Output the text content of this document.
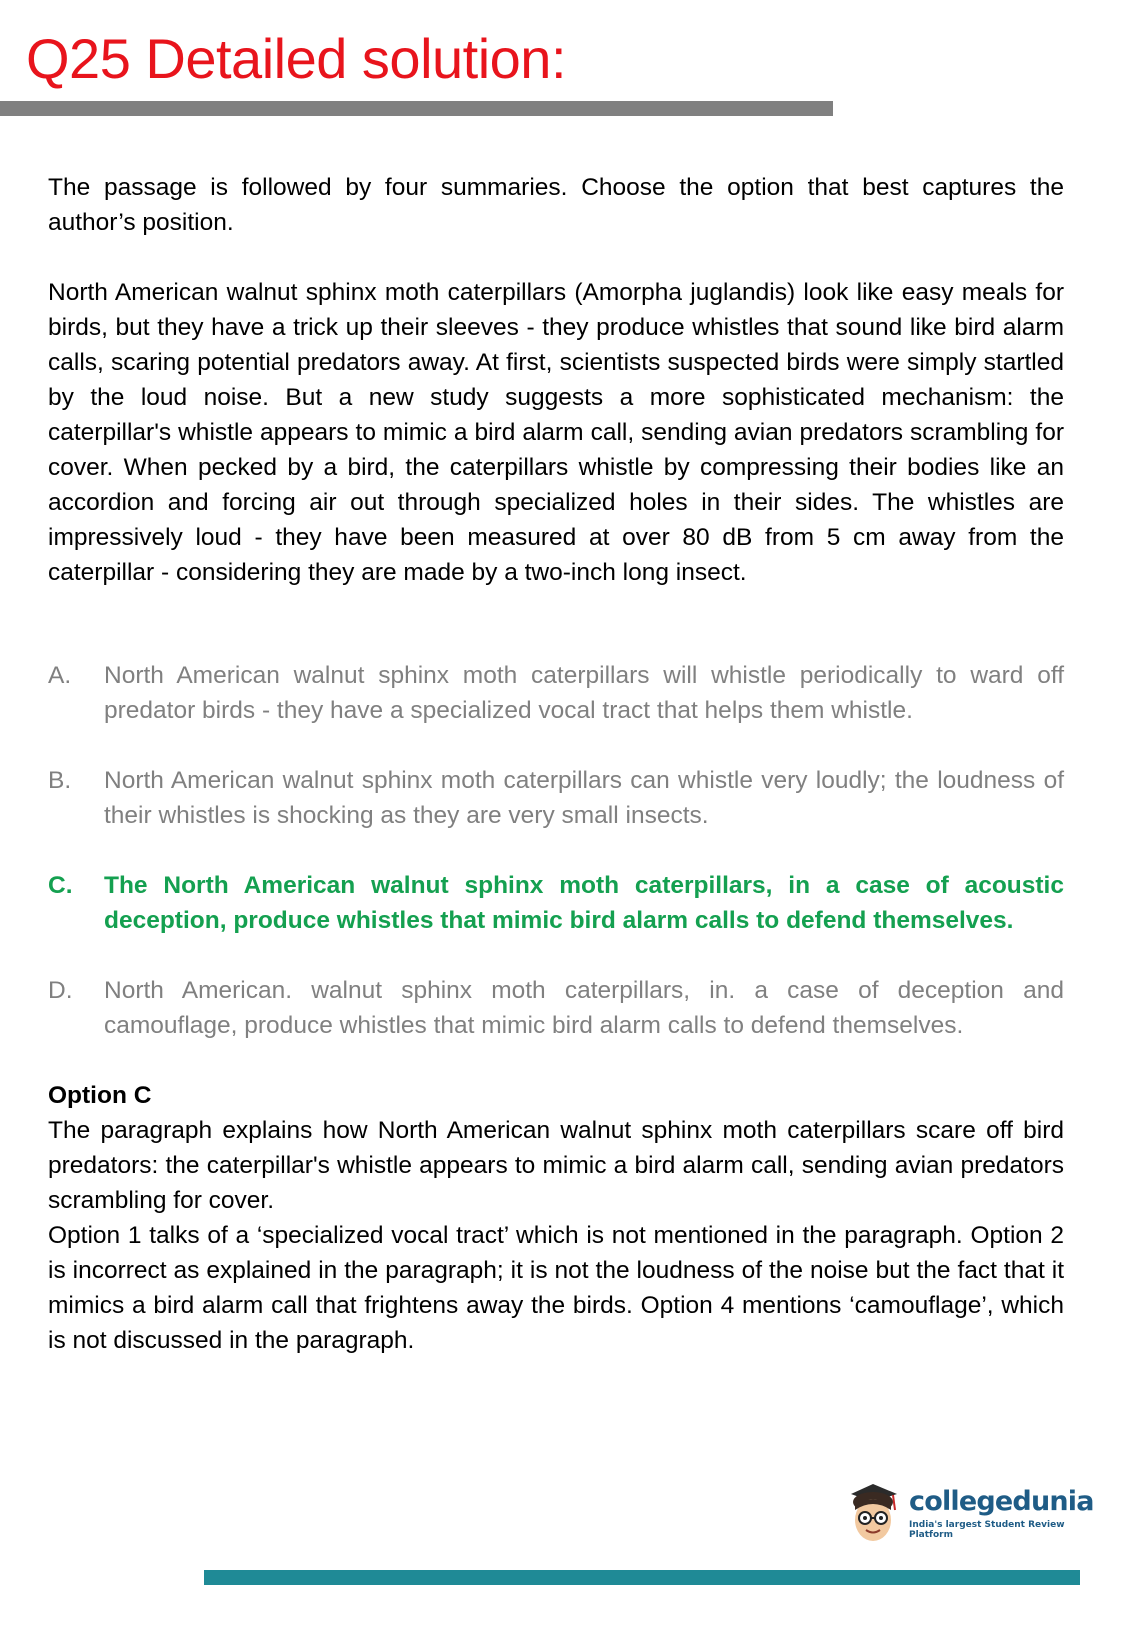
Q25 Detailed solution:

The passage is followed by four summaries. Choose the option that best captures the author’s position.

North American walnut sphinx moth caterpillars (Amorpha juglandis) look like easy meals for birds, but they have a trick up their sleeves - they produce whistles that sound like bird alarm calls, scaring potential predators away. At first, scientists suspected birds were simply startled by the loud noise. But a new study suggests a more sophisticated mechanism: the caterpillar's whistle appears to mimic a bird alarm call, sending avian predators scrambling for cover. When pecked by a bird, the caterpillars whistle by compressing their bodies like an accordion and forcing air out through specialized holes in their sides. The whistles are impressively loud - they have been measured at over 80 dB from 5 cm away from the caterpillar - considering they are made by a two-inch long insect.

A.	North American walnut sphinx moth caterpillars will whistle periodically to ward off predator birds - they have a specialized vocal tract that helps them whistle.
B.	North American walnut sphinx moth caterpillars can whistle very loudly; the loudness of their whistles is shocking as they are very small insects.
C.	The North American walnut sphinx moth caterpillars, in a case of acoustic deception, produce whistles that mimic bird alarm calls to defend themselves.
D.	North American. walnut sphinx moth caterpillars, in. a case of deception and camouflage, produce whistles that mimic bird alarm calls to defend themselves.

Option C

The paragraph explains how North American walnut sphinx moth caterpillars scare off bird predators: the caterpillar's whistle appears to mimic a bird alarm call, sending avian predators scrambling for cover.

Option 1 talks of a ‘specialized vocal tract’ which is not mentioned in the paragraph. Option 2 is incorrect as explained in the paragraph; it is not the loudness of the noise but the fact that it mimics a bird alarm call that frightens away the birds. Option 4 mentions ‘camouflage’, which is not discussed in the paragraph.

collegedunia
India's largest Student Review Platform
